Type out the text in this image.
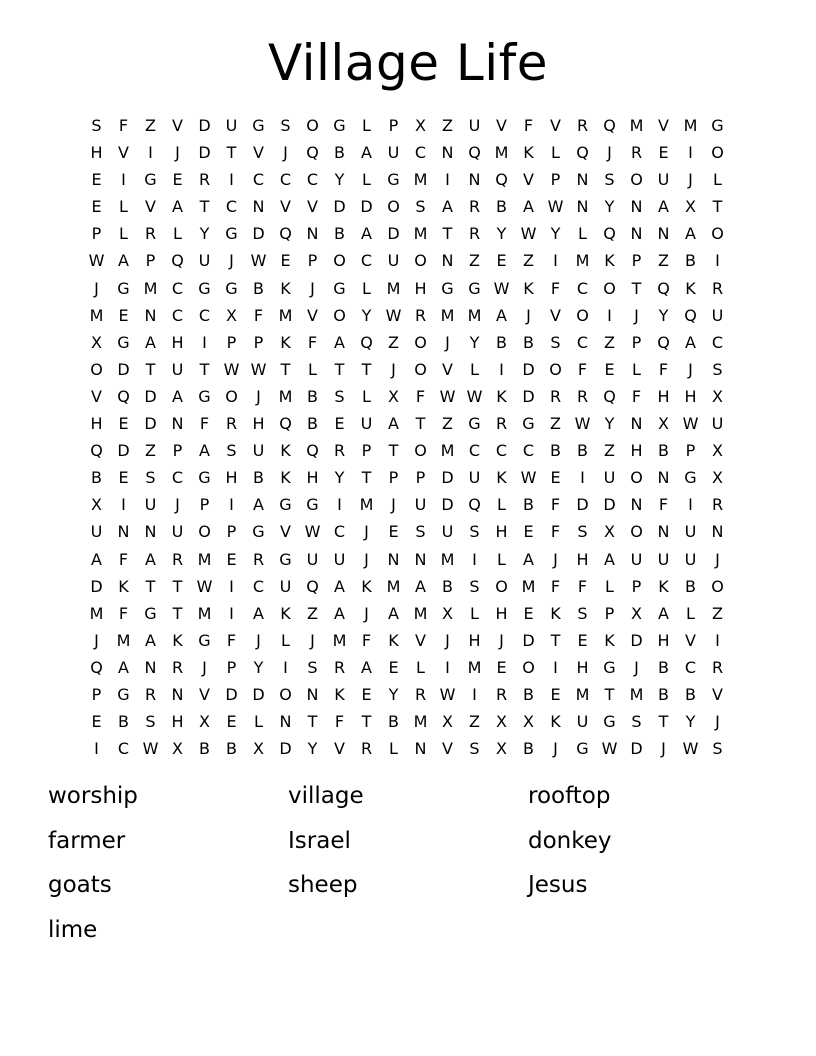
Village Life
S	F	Z	V D U G S O G	L	P	X	Z U V	F	V R Q M V M G
H V	I	J	D T	V	J	Q B	A U C N Q M K	L	Q	J	R	E	I	O
E	I	G E	R	I	C C C	Y	L	G M	I	N Q V	P	N S O U	J	L
E	L	V	A	T	C N V	V D D O S	A R B	A W N	Y	N A	X	T
P	L	R	L	Y G D Q N B	A D M T	R	Y W Y	L	Q N N A O
W A	P Q U	J	W E	P O C U O N Z	E	Z	I	M K	P	Z	B	I
J	G M C G G B	K	J	G	L M H G G W K	F	C O T Q K	R
M E N C C X	F M V O Y W R M M A	J	V O	I	J	Y Q U
X G A H	I	P	P	K	F	A Q Z O	J	Y	B	B	S	C Z	P Q A C
O D T	U	T W W T	L	T	T	J	O V	L	I	D O	F	E	L	F	J	S
V Q D A G O	J	M B	S	L	X	F W W K D R R Q	F	H H X
H E D N	F	R H Q B	E	U A	T	Z G R G Z W Y	N X W U
Q D Z	P	A	S	U K Q R	P	T O M C C C B	B	Z H B	P	X
B	E	S	C G H B	K H	Y	T	P	P	D U K W E	I	U O N G X
X	I	U	J	P	I	A G G	I	M	J	U D Q	L	B	F	D D N	F	I	R
U N N U O P G V W C	J	E	S	U	S H E	F	S	X O N U N
A	F	A R M E	R G U U	J	N N M	I	L	A	J	H A U U U	J
D K	T	T W	I	C U Q A	K M A	B	S O M F	F	L	P	K	B O
M F	G T M	I	A	K	Z	A	J	A M X	L	H E	K	S	P	X	A	L	Z
J	M A	K G	F	J	L	J	M F	K	V	J	H	J	D T	E	K D H V	I
Q A N R	J	P	Y	I	S	R A	E	L	I	M E O	I	H G	J	B C R
P G R N V D D O N K	E	Y	R W	I	R B	E M T M B	B	V
E	B	S H X	E	L	N	T	F	T	B M X	Z	X	X	K U G S	T	Y	J
I	C W X	B	B	X D Y	V R	L	N V	S	X	B	J	G W D	J	W S
worship	village	rooftop
farmer	Israel	donkey
goats	sheep	Jesus
lime
